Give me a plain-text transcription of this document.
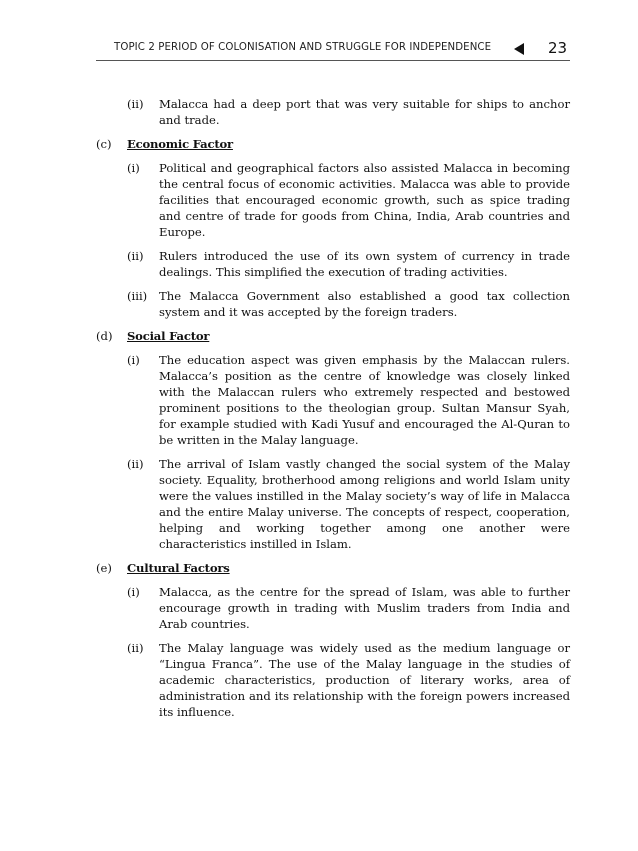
TOPIC 2 PERIOD OF COLONISATION AND STRUGGLE FOR INDEPENDENCE	23
(ii) Malacca had a deep port that was very suitable for ships to anchor and trade.
(c) Economic Factor
(i) Political and geographical factors also assisted Malacca in becoming the central focus of economic activities. Malacca was able to provide facilities that encouraged economic growth, such as spice trading and centre of trade for goods from China, India, Arab countries and Europe.
(ii) Rulers introduced the use of its own system of currency in trade dealings. This simplified the execution of trading activities.
(iii) The Malacca Government also established a good tax collection system and it was accepted by the foreign traders.
(d) Social Factor
(i) The education aspect was given emphasis by the Malaccan rulers. Malacca’s position as the centre of knowledge was closely linked with the Malaccan rulers who extremely respected and bestowed prominent positions to the theologian group. Sultan Mansur Syah, for example studied with Kadi Yusuf and encouraged the Al-Quran to be written in the Malay language.
(ii) The arrival of Islam vastly changed the social system of the Malay society. Equality, brotherhood among religions and world Islam unity were the values instilled in the Malay society’s way of life in Malacca and the entire Malay universe. The concepts of respect, cooperation, helping and working together among one another were characteristics instilled in Islam.
(e) Cultural Factors
(i) Malacca, as the centre for the spread of Islam, was able to further encourage growth in trading with Muslim traders from India and Arab countries.
(ii) The Malay language was widely used as the medium language or “Lingua Franca”. The use of the Malay language in the studies of academic characteristics, production of literary works, area of administration and its relationship with the foreign powers increased its influence.
